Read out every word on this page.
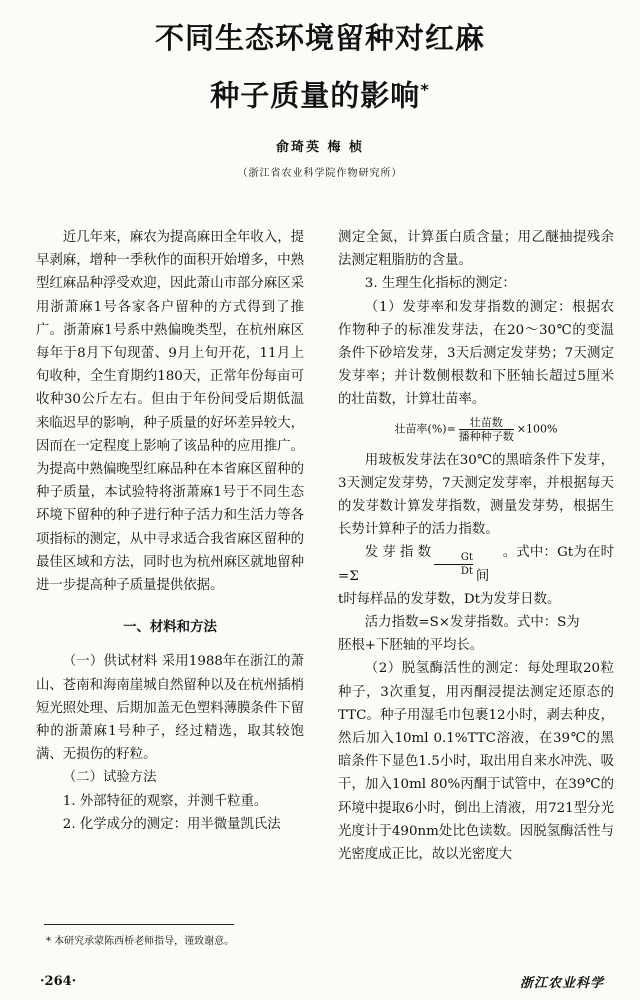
不同生态环境留种对红麻
种子质量的影响*
俞琦英 梅 桢
（浙江省农业科学院作物研究所）

近几年来，麻农为提高麻田全年收入，提早剥麻，增种一季秋作的面积开始增多，中熟型红麻品种浮受欢迎，因此萧山市部分麻区采用浙萧麻1号各家各户留种的方式得到了推广。浙萧麻1号系中熟偏晚类型，在杭州麻区每年于8月下旬现蕾、9月上旬开花，11月上旬收种，全生育期约180天，正常年份每亩可收种30公斤左右。但由于年份间受后期低温来临迟早的影响，种子质量的好坏差异较大，因而在一定程度上影响了该品种的应用推广。为提高中熟偏晚型红麻品种在本省麻区留种的种子质量，本试验特将浙萧麻1号于不同生态环境下留种的种子进行种子活力和生活力等各项指标的测定，从中寻求适合我省麻区留种的最佳区域和方法，同时也为杭州麻区就地留种进一步提高种子质量提供依据。

一、材料和方法

（一）供试材料 采用1988年在浙江的萧山、苍南和海南崖城自然留种以及在杭州插梢短光照处理、后期加盖无色塑料薄膜条件下留种的浙萧麻1号种子，经过精选，取其较饱满、无损伤的籽粒。

（二）试验方法

1. 外部特征的观察，并测千粒重。

2. 化学成分的测定：用半微量凯氏法

测定全氮，计算蛋白质含量；用乙醚抽提残余法测定粗脂肪的含量。

3. 生理生化指标的测定：

（1）发芽率和发芽指数的测定：根据农作物种子的标准发芽法，在20～30℃的变温条件下砂培发芽，3天后测定发芽势；7天测定发芽率；并计数侧根数和下胚轴长超过5厘米的壮苗数，计算壮苗率。

壮苗率(%)= $\frac{\text{壮苗数}}{\text{播种种子数}} \times 100\%$

用玻板发芽法在30℃的黑暗条件下发芽，3天测定发芽势，7天测定发芽率，并根据每天的发芽数计算发芽指数，测量发芽势，根据生长势计算种子的活力指数。

发芽指数=Σ	$\frac{Gt}{Dt}$	。式中：Gt为在时间

t时每样品的发芽数，Dt为发芽日数。

活力指数=S×发芽指数。式中：S为

胚根+下胚轴的平均长。

（2）脱氢酶活性的测定：每处理取20粒种子，3次重复，用丙酮浸提法测定还原态的TTC。种子用湿毛巾包裹12小时，剥去种皮，然后加入10ml 0.1%TTC溶液，在39℃的黑暗条件下显色1.5小时，取出用自来水冲洗、吸干，加入10ml 80%丙酮于试管中，在39℃的环境中提取6小时，倒出上清液，用721型分光光度计于490nm处比色读数。因脱氢酶活性与光密度成正比，故以光密度大

* 本研究承蒙陈西桥老师指导，谨致谢意。
·264·	浙江农业科学
